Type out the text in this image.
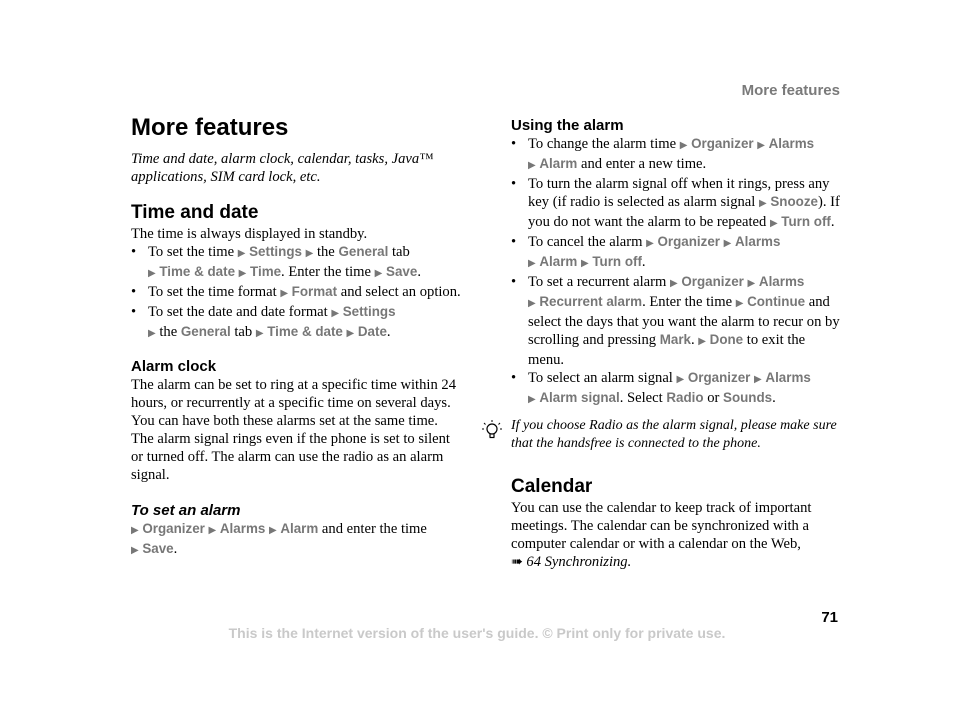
More features
More features

Time and date, alarm clock, calendar, tasks, Java™ applications, SIM card lock, etc.

Time and date

The time is always displayed in standby.

• To set the time ▶ Settings ▶ the General tab
▶ Time & date ▶ Time. Enter the time ▶ Save.
• To set the time format ▶ Format and select an option.
• To set the date and date format ▶ Settings
▶ the General tab ▶ Time & date ▶ Date.
Alarm clock

The alarm can be set to ring at a specific time within 24 hours, or recurrently at a specific time on several days. You can have both these alarms set at the same time. The alarm signal rings even if the phone is set to silent or turned off. The alarm can use the radio as an alarm signal.

To set an alarm

▶ Organizer ▶ Alarms ▶ Alarm and enter the time
▶ Save.

Using the alarm
• To change the alarm time ▶ Organizer ▶ Alarms
▶ Alarm and enter a new time.
• To turn the alarm signal off when it rings, press any key (if radio is selected as alarm signal ▶ Snooze). If you do not want the alarm to be repeated ▶ Turn off.
• To cancel the alarm ▶ Organizer ▶ Alarms
▶ Alarm ▶ Turn off.
• To set a recurrent alarm ▶ Organizer ▶ Alarms
▶ Recurrent alarm. Enter the time ▶ Continue and select the days that you want the alarm to recur on by scrolling and pressing Mark. ▶ Done to exit the menu.
• To select an alarm signal ▶ Organizer ▶ Alarms
▶ Alarm signal. Select Radio or Sounds.
If you choose Radio as the alarm signal, please make sure that the handsfree is connected to the phone.
Calendar

You can use the calendar to keep track of important meetings. The calendar can be synchronized with a computer calendar or with a calendar on the Web,
➠ 64 Synchronizing.

71
This is the Internet version of the user's guide. © Print only for private use.
